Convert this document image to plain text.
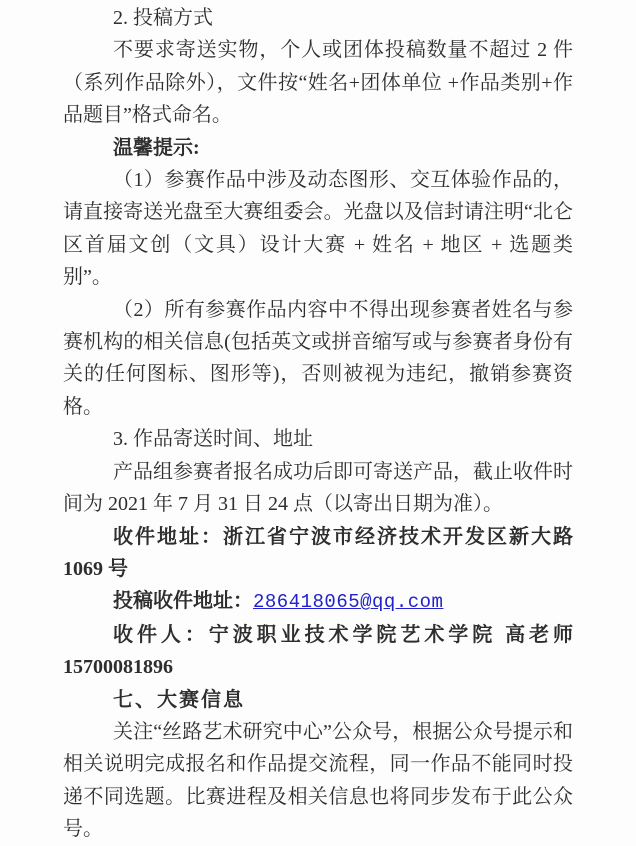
2. 投稿方式

不要求寄送实物，个人或团体投稿数量不超过 2 件（系列作品除外），文件按“姓名+团体单位 +作品类别+作品题目”格式命名。

温馨提示:

（1）参赛作品中涉及动态图形、交互体验作品的，请直接寄送光盘至大赛组委会。光盘以及信封请注明“北仑区首届文创（文具）设计大赛 + 姓名 + 地区 + 选题类别”。

（2）所有参赛作品内容中不得出现参赛者姓名与参赛机构的相关信息(包括英文或拼音缩写或与参赛者身份有关的任何图标、图形等)，否则被视为违纪，撤销参赛资格。

3. 作品寄送时间、地址

产品组参赛者报名成功后即可寄送产品，截止收件时间为 2021 年 7 月 31 日 24 点（以寄出日期为准）。

收件地址：浙江省宁波市经济技术开发区新大路 1069 号

投稿收件地址：286418065@qq.com

收件人：宁波职业技术学院艺术学院 高老师 15700081896

七、大赛信息

关注“丝路艺术研究中心”公众号，根据公众号提示和相关说明完成报名和作品提交流程，同一作品不能同时投递不同选题。比赛进程及相关信息也将同步发布于此公众号。
